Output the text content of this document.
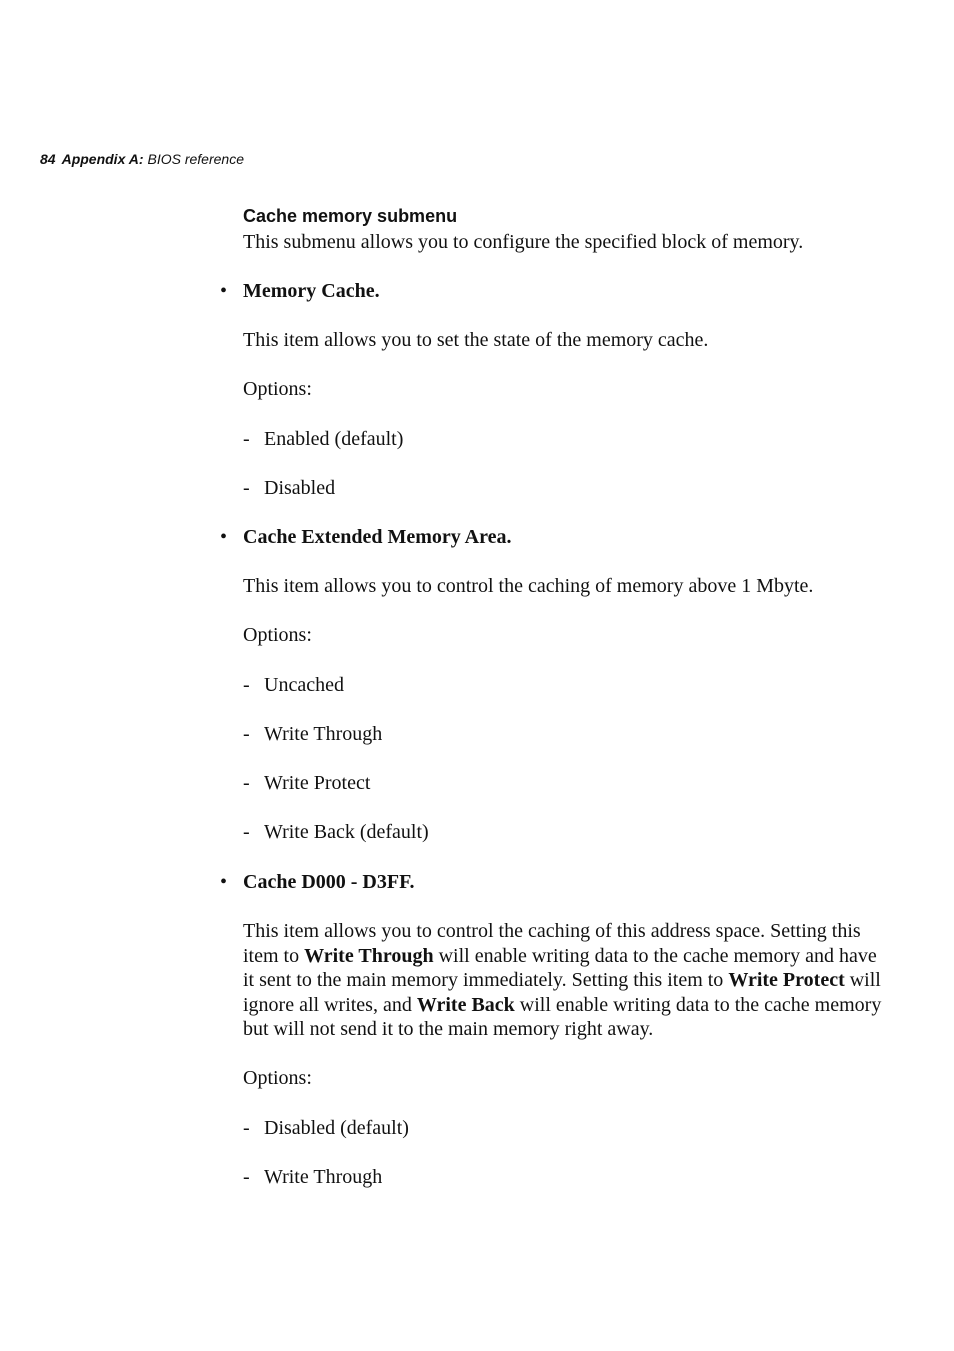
84 Appendix A: BIOS reference
Cache memory submenu
This submenu allows you to configure the specified block of memory.
• Memory Cache.
This item allows you to set the state of the memory cache.
Options:
- Enabled (default)
- Disabled
• Cache Extended Memory Area.
This item allows you to control the caching of memory above 1 Mbyte.
Options:
- Uncached
- Write Through
- Write Protect
- Write Back (default)
• Cache D000 - D3FF.
This item allows you to control the caching of this address space. Setting this item to Write Through will enable writing data to the cache memory and have it sent to the main memory immediately. Setting this item to Write Protect will ignore all writes, and Write Back will enable writing data to the cache memory but will not send it to the main memory right away.
Options:
- Disabled (default)
- Write Through
